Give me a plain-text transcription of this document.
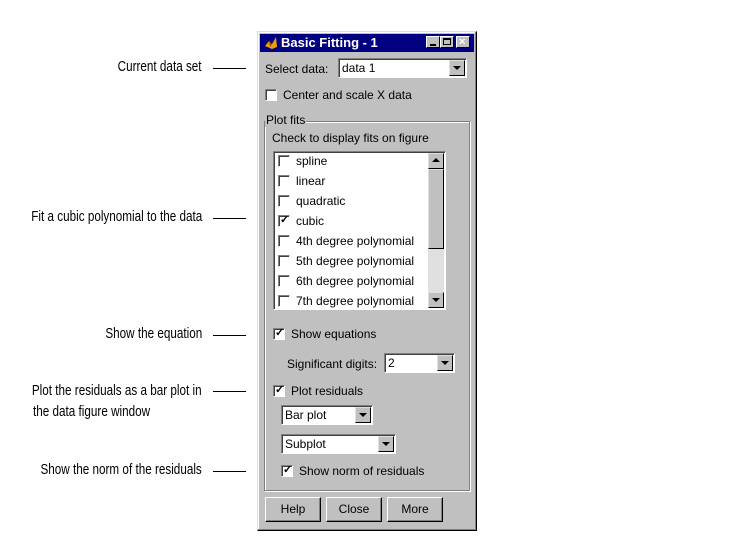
Current data set
Fit a cubic polynomial to the data
Show the equation
Plot the residuals as a bar plot in
the data figure window
Show the norm of the residuals
Basic Fitting - 1	×
Select data: data 1
Center and scale X data
Plot fits
Check to display fits on figure
spline
linear
quadratic
✓ cubic
4th degree polynomial
5th degree polynomial
6th degree polynomial
7th degree polynomial
✓ Show equations
Significant digits: 2
✓ Plot residuals
Bar plot
Subplot
✓ Show norm of residuals
Help	Close	More
